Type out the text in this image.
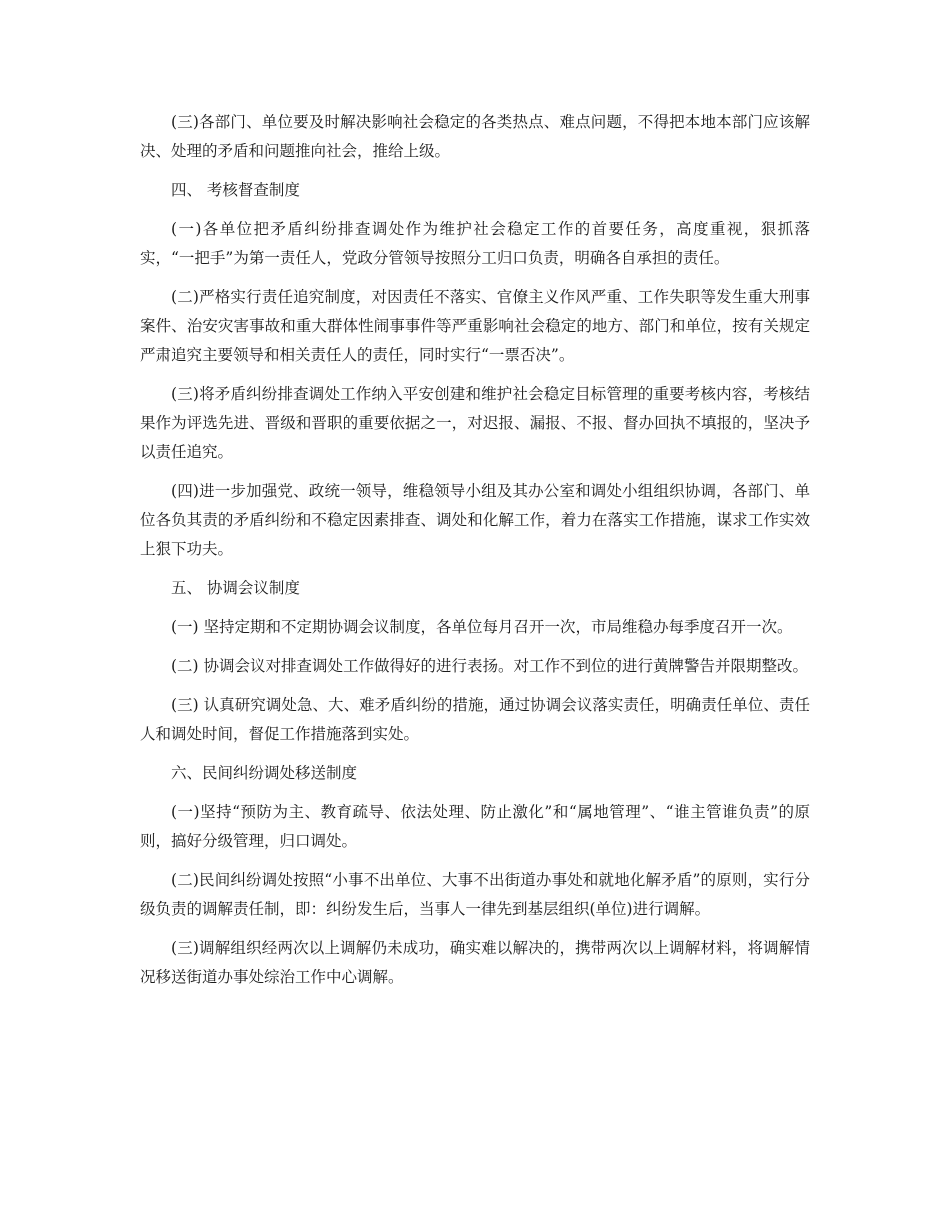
(三)各部门、单位要及时解决影响社会稳定的各类热点、难点问题，不得把本地本部门应该解决、处理的矛盾和问题推向社会，推给上级。

四、 考核督查制度

(一)各单位把矛盾纠纷排查调处作为维护社会稳定工作的首要任务，高度重视，狠抓落实，“一把手”为第一责任人，党政分管领导按照分工归口负责，明确各自承担的责任。

(二)严格实行责任追究制度，对因责任不落实、官僚主义作风严重、工作失职等发生重大刑事案件、治安灾害事故和重大群体性闹事事件等严重影响社会稳定的地方、部门和单位，按有关规定严肃追究主要领导和相关责任人的责任，同时实行“一票否决”。

(三)将矛盾纠纷排查调处工作纳入平安创建和维护社会稳定目标管理的重要考核内容，考核结果作为评选先进、晋级和晋职的重要依据之一，对迟报、漏报、不报、督办回执不填报的，坚决予以责任追究。

(四)进一步加强党、政统一领导，维稳领导小组及其办公室和调处小组组织协调，各部门、单位各负其责的矛盾纠纷和不稳定因素排查、调处和化解工作，着力在落实工作措施，谋求工作实效上狠下功夫。

五、 协调会议制度

(一) 坚持定期和不定期协调会议制度，各单位每月召开一次，市局维稳办每季度召开一次。

(二) 协调会议对排查调处工作做得好的进行表扬。对工作不到位的进行黄牌警告并限期整改。

(三) 认真研究调处急、大、难矛盾纠纷的措施，通过协调会议落实责任，明确责任单位、责任人和调处时间，督促工作措施落到实处。

六、民间纠纷调处移送制度

(一)坚持“预防为主、教育疏导、依法处理、防止激化”和“属地管理”、“谁主管谁负责”的原则，搞好分级管理，归口调处。

(二)民间纠纷调处按照“小事不出单位、大事不出街道办事处和就地化解矛盾”的原则，实行分级负责的调解责任制，即：纠纷发生后，当事人一律先到基层组织(单位)进行调解。

(三)调解组织经两次以上调解仍未成功，确实难以解决的，携带两次以上调解材料，将调解情况移送街道办事处综治工作中心调解。
